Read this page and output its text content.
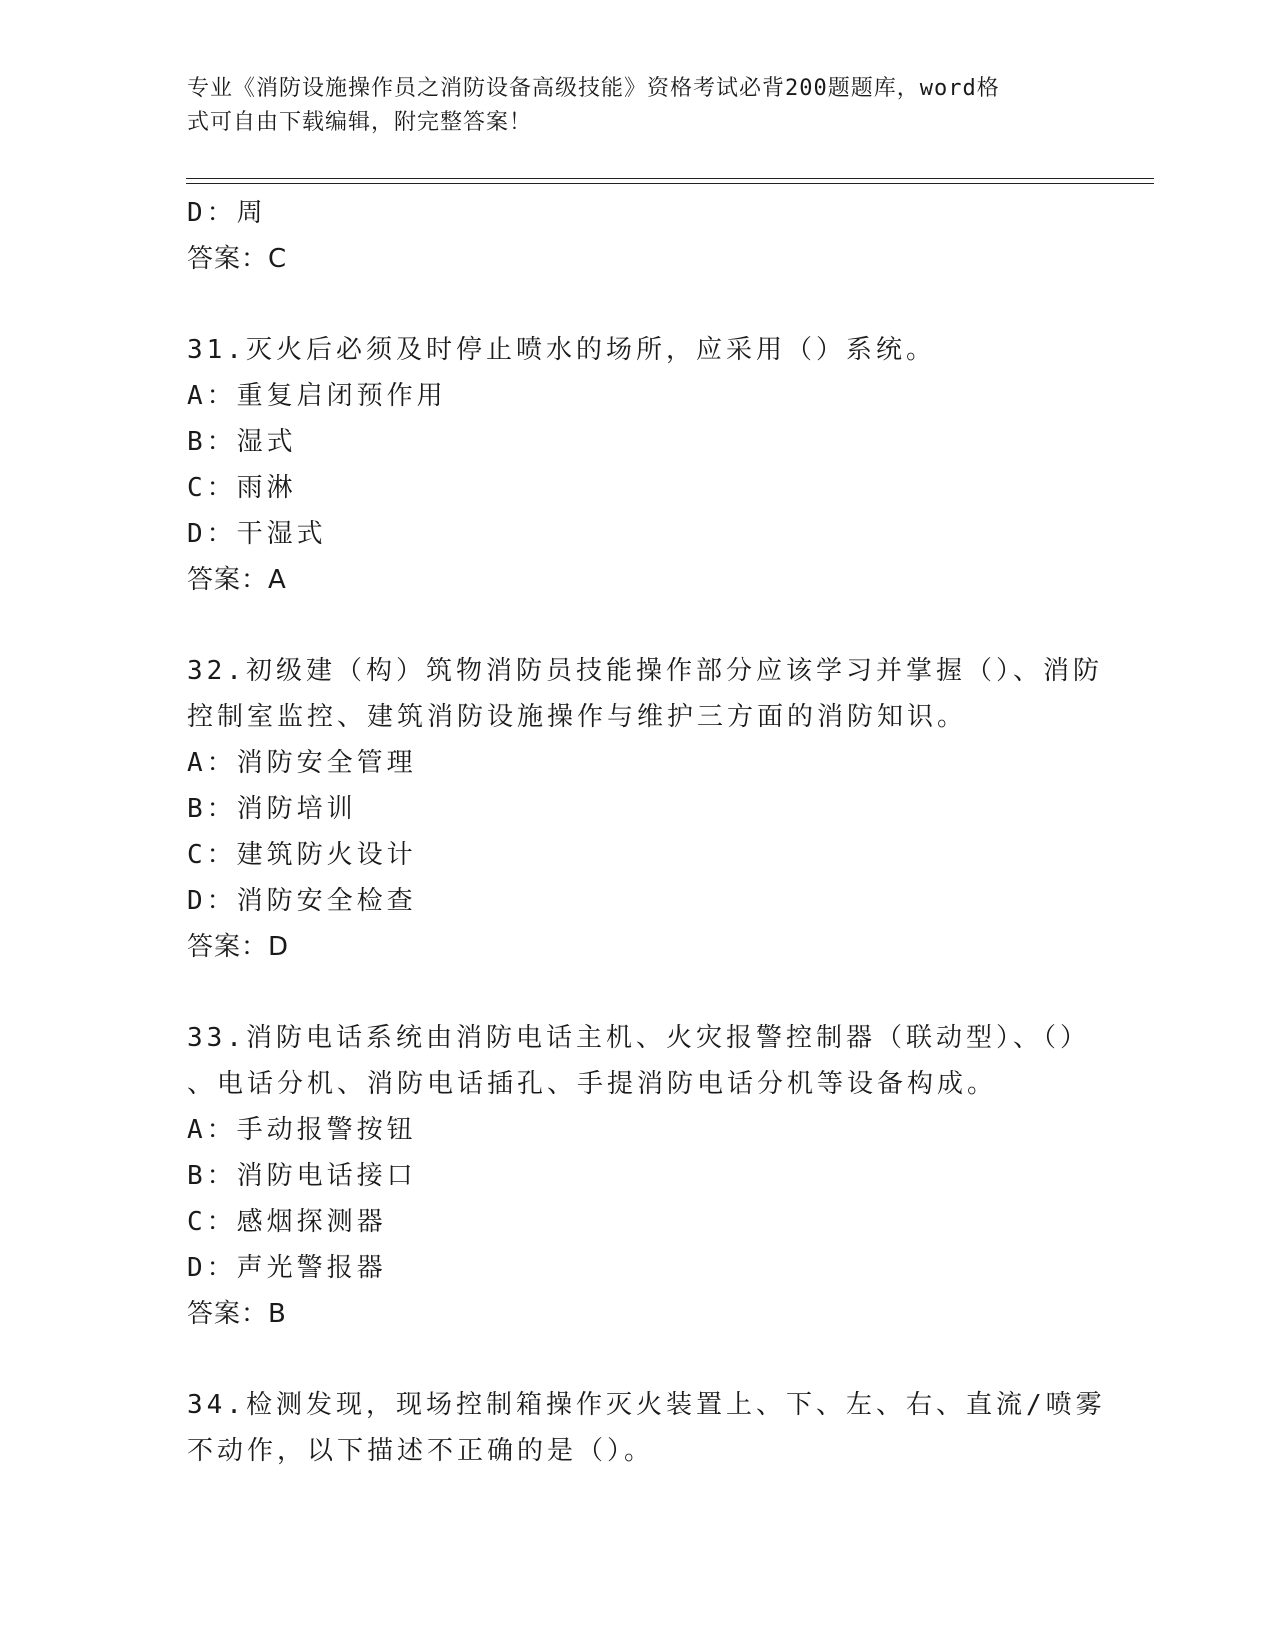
专业《消防设施操作员之消防设备高级技能》资格考试必背200题题库，word格
式可自由下载编辑，附完整答案！
D：周
答案：C
31.灭火后必须及时停止喷水的场所，应采用（）系统。
A：重复启闭预作用
B：湿式
C：雨淋
D：干湿式
答案：A
32.初级建（构）筑物消防员技能操作部分应该学习并掌握（）、消防
控制室监控、建筑消防设施操作与维护三方面的消防知识。
A：消防安全管理
B：消防培训
C：建筑防火设计
D：消防安全检查
答案：D
33.消防电话系统由消防电话主机、火灾报警控制器（联动型）、（）
、电话分机、消防电话插孔、手提消防电话分机等设备构成。
A：手动报警按钮
B：消防电话接口
C：感烟探测器
D：声光警报器
答案：B
34.检测发现，现场控制箱操作灭火装置上、下、左、右、直流/喷雾
不动作，以下描述不正确的是（）。
